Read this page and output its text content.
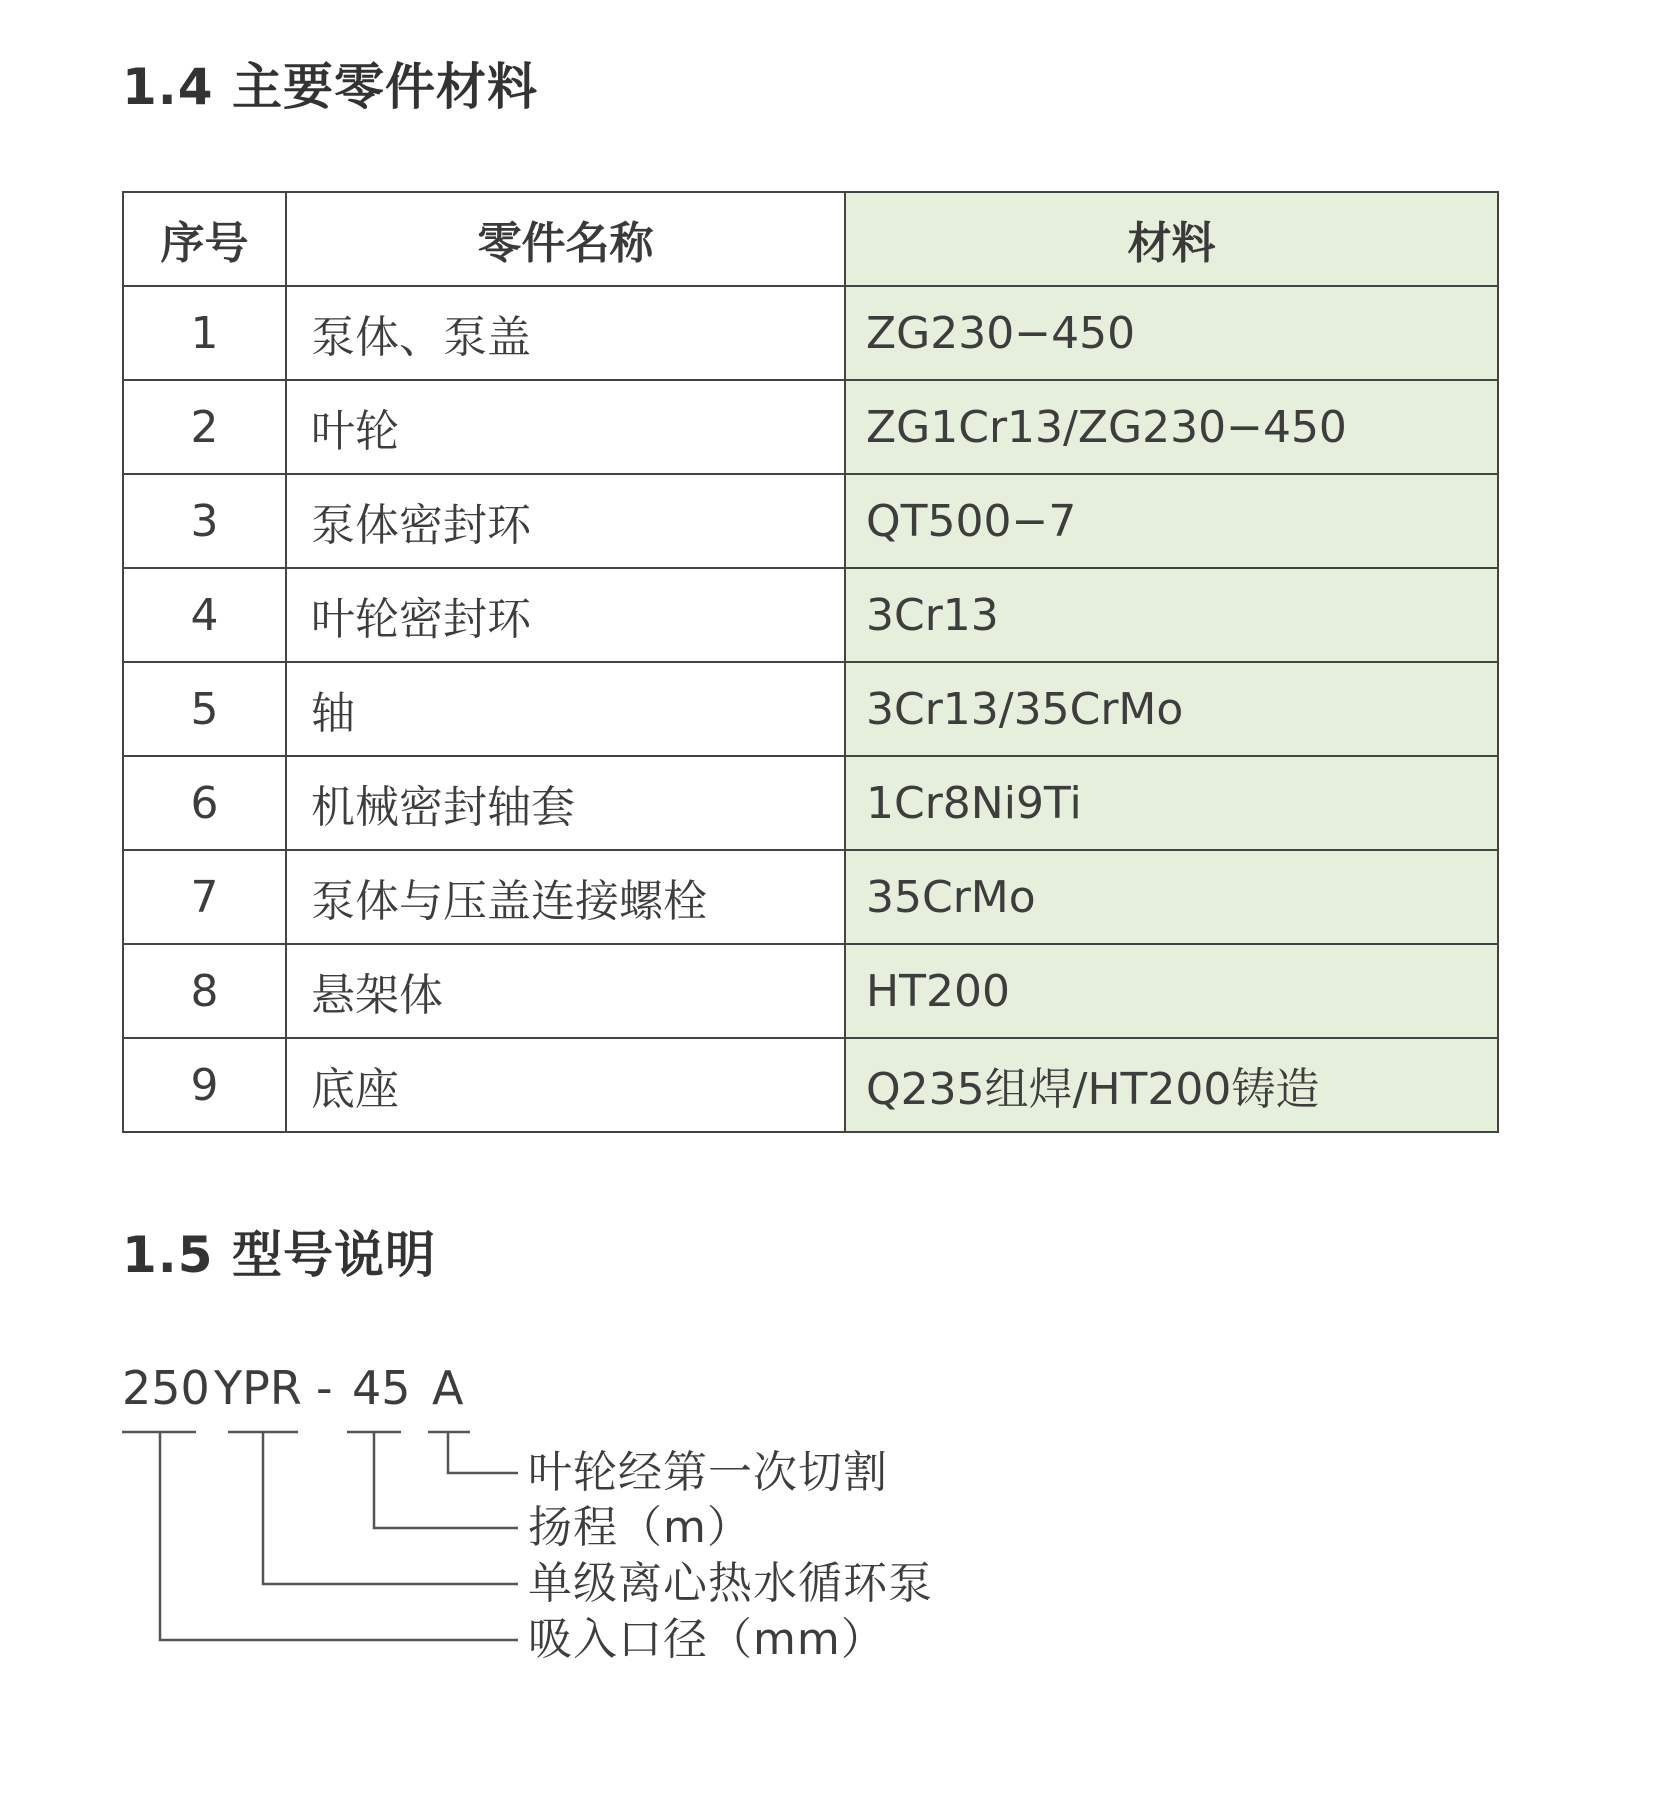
1.4 主要零件材料
序号	零件名称	材料
1	泵体、泵盖	ZG230−450
2	叶轮	ZG1Cr13/ZG230−450
3	泵体密封环	QT500−7
4	叶轮密封环	3Cr13
5	轴	3Cr13/35CrMo
6	机械密封轴套	1Cr8Ni9Ti
7	泵体与压盖连接螺栓	35CrMo
8	悬架体	HT200
9	底座	Q235组焊/HT200铸造
1.5 型号说明
250 YPR - 45 A
叶轮经第一次切割
扬程（m）
单级离心热水循环泵
吸入口径（mm）
